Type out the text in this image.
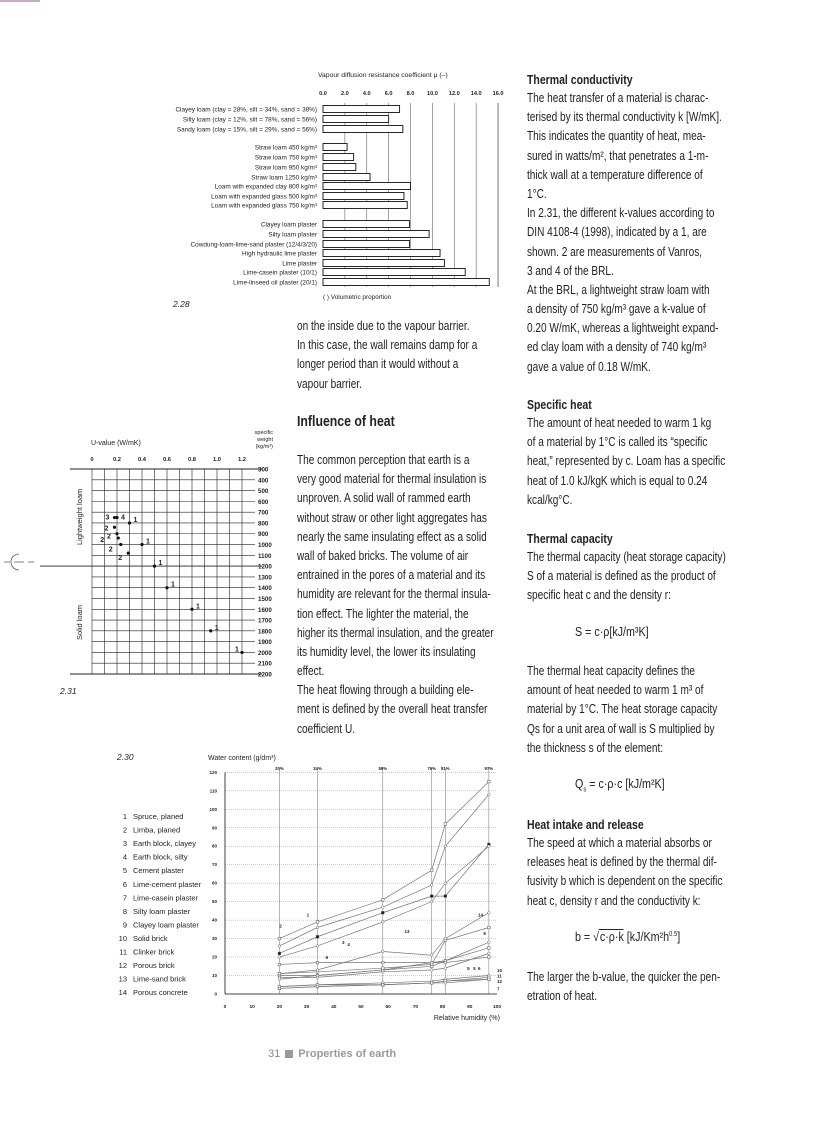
Vapour diffusion resistance coefficient μ (–)
0.0	2.0	4.0	6.0	8.0 10.0 12.0 14.0 16.0
Clayey loam (clay = 28%, silt = 34%, sand = 38%)
Silty loam (clay = 12%, silt = 78%, sand = 56%)
Sandy loam (clay = 15%, silt = 29%, sand = 56%)
Straw loam 450 kg/m³
Straw loam 750 kg/m³
Straw loam 950 kg/m³
Straw loam 1250 kg/m³
Loam with expanded clay 800 kg/m³
Loam with expanded glass 500 kg/m³
Loam with expanded glass 750 kg/m³
Clayey loam plaster
Silty loam plaster
Cowdung-loam-lime-sand plaster (12/4/3/20)
High hydraulic lime plaster
Lime plaster
Lime-casein plaster (10/1)
Lime-linseed oil plaster (20/1)
( ) Volumetric proportion
2.28
0	0.2	0.4	0.6	0.8	1.0	1.2
300
400
500
600
700
800
900
1000
1100
1200
1300
1400
1500
1600
1700
1800
1900
2000
2100
2200
U-value (W/mK)
specific
weight
(kg/m³)
Lightweight loam
Solid loam
3 4 1
2
2
2
2
1
2
1
1
1
1
1
2.31
20%	34%	58%	76% 81%	97%
0
10
20
30
40
50
60
70
80
90
100
110
120
0	10	20	30	40	50	60	70	80	90	100
Water content (g/dm³)
Relative humidity (%)
1 Spruce, planed
2 Limba, planed
3 Earth block, clayey
4 Earth block, silty
5 Cement plaster
6 Lime-cement plaster
7 Lime-casein plaster
8 Silty loam plaster
9 Clayey loam plaster
10 Solid brick
11 Clinker brick
12 Porous brick
13 Lime-sand brick
14 Porous concrete
1
2
3 4
5
6
9
10
11
12
7
13
14
5 6
2.30
on the inside due to the vapour barrier.
In this case, the wall remains damp for a
longer period than it would without a
vapour barrier.
Influence of heat
The common perception that earth is a
very good material for thermal insulation is
unproven. A solid wall of rammed earth
without straw or other light aggregates has
nearly the same insulating effect as a solid
wall of baked bricks. The volume of air
entrained in the pores of a material and its
humidity are relevant for the thermal insula-
tion effect. The lighter the material, the
higher its thermal insulation, and the greater
its humidity level, the lower its insulating
effect.
The heat flowing through a building ele-
ment is defined by the overall heat transfer
coefficient U.
Thermal conductivity
The heat transfer of a material is charac-
terised by its thermal conductivity k [W/mK].
This indicates the quantity of heat, mea-
sured in watts/m², that penetrates a 1-m-
thick wall at a temperature difference of
1°C.
In 2.31, the different k-values according to
DIN 4108-4 (1998), indicated by a 1, are
shown. 2 are measurements of Vanros,
3 and 4 of the BRL.
At the BRL, a lightweight straw loam with
a density of 750 kg/m³ gave a k-value of
0.20 W/mK, whereas a lightweight expand-
ed clay loam with a density of 740 kg/m³
gave a value of 0.18 W/mK.
Specific heat
The amount of heat needed to warm 1 kg
of a material by 1°C is called its “specific
heat,” represented by c. Loam has a specific
heat of 1.0 kJ/kgK which is equal to 0.24
kcal/kg°C.
Thermal capacity
The thermal capacity (heat storage capacity)
S of a material is defined as the product of
specific heat c and the density r:
S = c·ρ[kJ/m³K]
The thermal heat capacity defines the
amount of heat needed to warm 1 m³ of
material by 1°C. The heat storage capacity
Qs for a unit area of wall is S multiplied by
the thickness s of the element:
$Q_s = c\cdot\rho\cdot c$ [kJ/m²K]
Heat intake and release
The speed at which a material absorbs or
releases heat is defined by the thermal dif-
fusivity b which is dependent on the specific
heat c, density r and the conductivity k:
b = √c·ρ·k $[kJ/Km^2h^{0.5}]$
The larger the b-value, the quicker the pen-
etration of heat.
31 Properties of earth
